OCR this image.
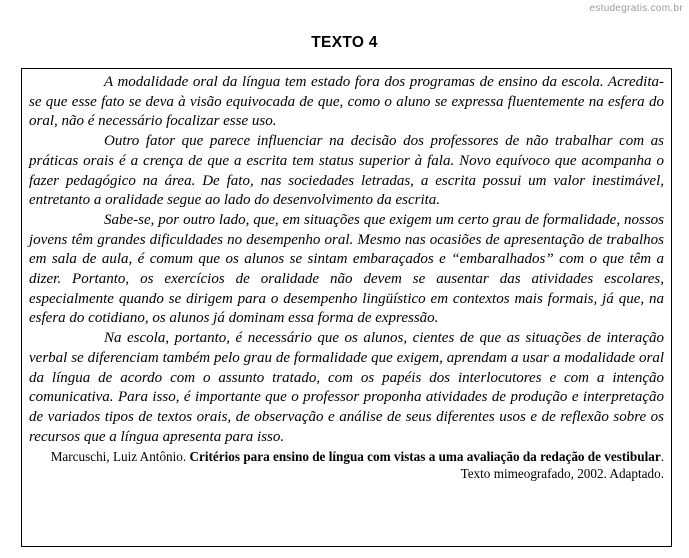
estudegratis.com.br
TEXTO 4

A modalidade oral da língua tem estado fora dos programas de ensino da escola. Acredita-se que esse fato se deva à visão equivocada de que, como o aluno se expressa fluentemente na esfera do oral, não é necessário focalizar esse uso.

Outro fator que parece influenciar na decisão dos professores de não trabalhar com as práticas orais é a crença de que a escrita tem status superior à fala. Novo equívoco que acompanha o fazer pedagógico na área. De fato, nas sociedades letradas, a escrita possui um valor inestimável, entretanto a oralidade segue ao lado do desenvolvimento da escrita.

Sabe-se, por outro lado, que, em situações que exigem um certo grau de formalidade, nossos jovens têm grandes dificuldades no desempenho oral. Mesmo nas ocasiões de apresentação de trabalhos em sala de aula, é comum que os alunos se sintam embaraçados e “embaralhados” com o que têm a dizer. Portanto, os exercícios de oralidade não devem se ausentar das atividades escolares, especialmente quando se dirigem para o desempenho lingüístico em contextos mais formais, já que, na esfera do cotidiano, os alunos já dominam essa forma de expressão.

Na escola, portanto, é necessário que os alunos, cientes de que as situações de interação verbal se diferenciam também pelo grau de formalidade que exigem, aprendam a usar a modalidade oral da língua de acordo com o assunto tratado, com os papéis dos interlocutores e com a intenção comunicativa. Para isso, é importante que o professor proponha atividades de produção e interpretação de variados tipos de textos orais, de observação e análise de seus diferentes usos e de reflexão sobre os recursos que a língua apresenta para isso.

Marcuschi, Luiz Antônio. Critérios para ensino de língua com vistas a uma avaliação da redação de vestibular. Texto mimeografado, 2002. Adaptado.
